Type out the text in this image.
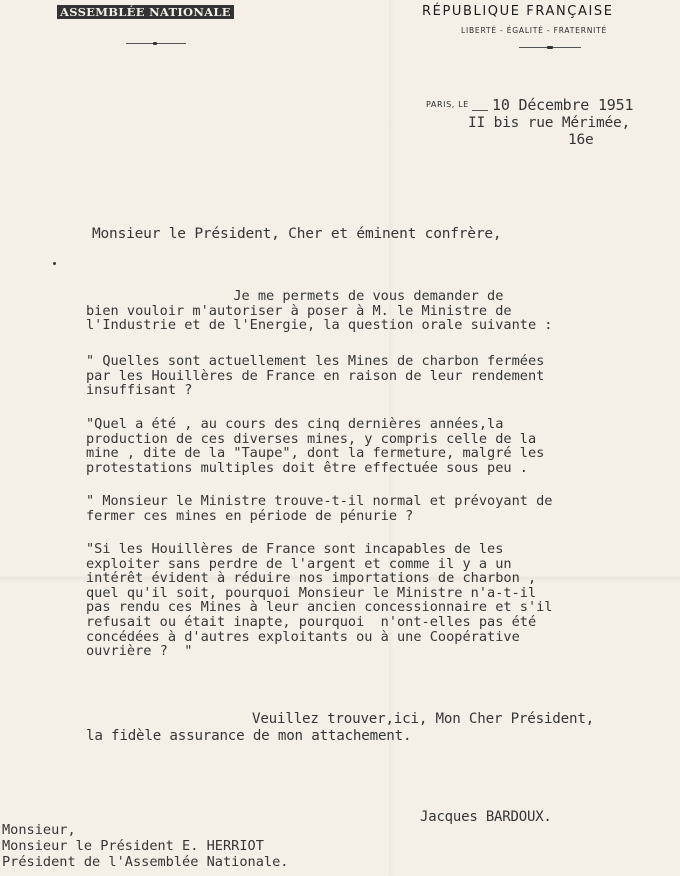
ASSEMBLÉE NATIONALE	RÉPUBLIQUE FRANÇAISE
LIBERTÉ - ÉGALITÉ - FRATERNITÉ
PARIS, LE 10 Décembre 1951
II bis rue Mérimée,
16e
Monsieur le Président, Cher et éminent confrère,
Je me permets de vous demander de
bien vouloir m'autoriser à poser à M. le Ministre de
l'Industrie et de l'Energie, la question orale suivante :
" Quelles sont actuellement les Mines de charbon fermées
par les Houillères de France en raison de leur rendement
insuffisant ?
"Quel a été , au cours des cinq dernières années,la
production de ces diverses mines, y compris celle de la
mine , dite de la "Taupe", dont la fermeture, malgré les
protestations multiples doit être effectuée sous peu .
" Monsieur le Ministre trouve-t-il normal et prévoyant de
fermer ces mines en période de pénurie ?
"Si les Houillères de France sont incapables de les
exploiter sans perdre de l'argent et comme il y a un
intérêt évident à réduire nos importations de charbon ,
quel qu'il soit, pourquoi Monsieur le Ministre n'a-t-il
pas rendu ces Mines à leur ancien concessionnaire et s'il
refusait ou était inapte, pourquoi  n'ont-elles pas été
concédées à d'autres exploitants ou à une Coopérative
ouvrière ?  "
Veuillez trouver,ici, Mon Cher Président,
la fidèle assurance de mon attachement.
Jacques BARDOUX.
Monsieur,
Monsieur le Président E. HERRIOT
Président de l'Assemblée Nationale.
